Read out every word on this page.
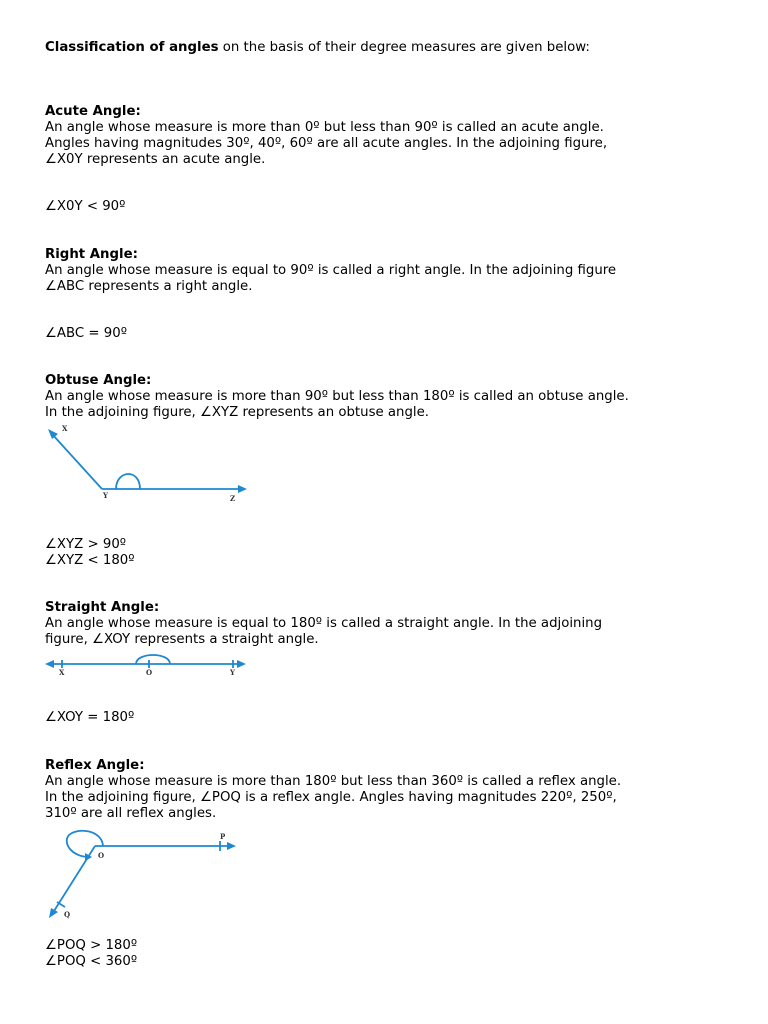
Classification of angles on the basis of their degree measures are given below:
Acute Angle:
An angle whose measure is more than 0º but less than 90º is called an acute angle.
Angles having magnitudes 30º, 40º, 60º are all acute angles. In the adjoining figure,
∠X0Y represents an acute angle.
∠X0Y < 90º
Right Angle:
An angle whose measure is equal to 90º is called a right angle. In the adjoining figure
∠ABC represents a right angle.
∠ABC = 90º
Obtuse Angle:
An angle whose measure is more than 90º but less than 180º is called an obtuse angle.
In the adjoining figure, ∠XYZ represents an obtuse angle.
X
Y	Z
∠XYZ > 90º
∠XYZ < 180º
Straight Angle:
An angle whose measure is equal to 180º is called a straight angle. In the adjoining
figure, ∠XOY represents a straight angle.
X	O	Y
∠XOY = 180º
Reflex Angle:
An angle whose measure is more than 180º but less than 360º is called a reflex angle.
In the adjoining figure, ∠POQ is a reflex angle. Angles having magnitudes 220º, 250º,
310º are all reflex angles.
O
P
Q
∠POQ > 180º
∠POQ < 360º
